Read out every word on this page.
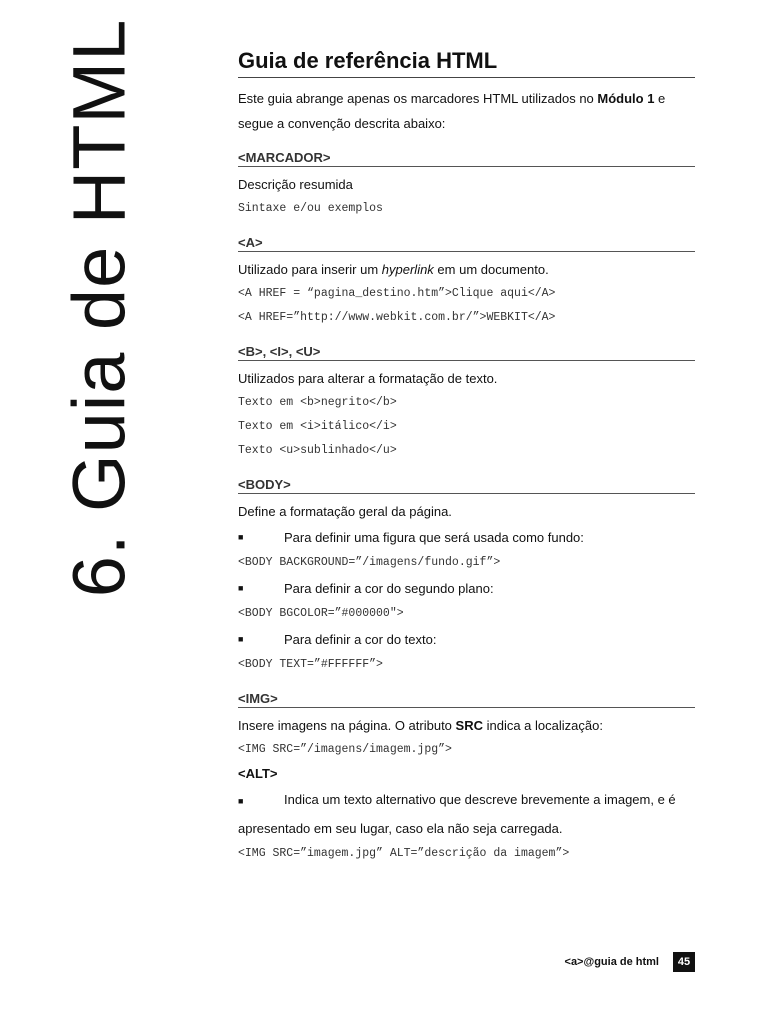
6. Guia de HTML	Guia de referência HTML

Este guia abrange apenas os marcadores HTML utilizados no Módulo 1 e segue a convenção descrita abaixo:

<MARCADOR>
Descrição resumida
Sintaxe e/ou exemplos
<A>
Utilizado para inserir um hyperlink em um documento.
<A HREF = “pagina_destino.htm”>Clique aqui</A>
<A HREF=”http://www.webkit.com.br/”>WEBKIT</A>
<B>, <I>, <U>
Utilizados para alterar a formatação de texto.
Texto em <b>negrito</b>
Texto em <i>itálico</i>
Texto <u>sublinhado</u>
<BODY>
Define a formatação geral da página.
■	Para definir uma figura que será usada como fundo:
<BODY BACKGROUND=”/imagens/fundo.gif”>
■	Para definir a cor do segundo plano:
<BODY BGCOLOR=”#000000">
■	Para definir a cor do texto:
<BODY TEXT=”#FFFFFF”>
<IMG>
Insere imagens na página. O atributo SRC indica a localização:
<IMG SRC=”/imagens/imagem.jpg”>
<ALT>
■	Indica um texto alternativo que descreve brevemente a imagem, e é apresentado em seu lugar, caso ela não seja carregada.
<IMG SRC=”imagem.jpg” ALT=”descrição da imagem”>
<a>@guia de html	45
